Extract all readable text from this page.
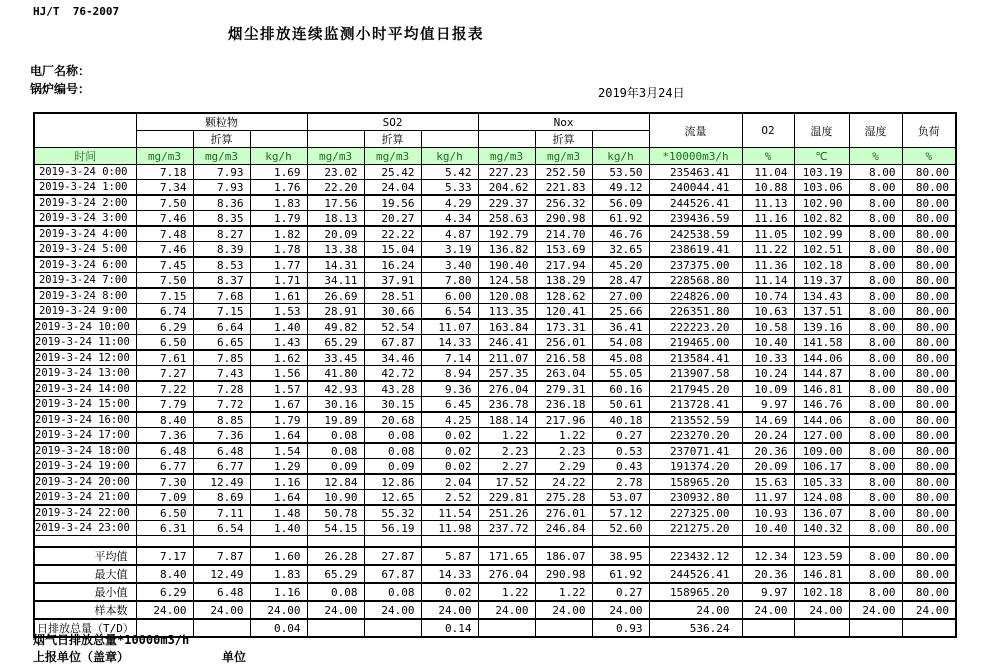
HJ/T  76-2007
烟尘排放连续监测小时平均值日报表
电厂名称：
锅炉编号：	2019年3月24日
	颗粒物			SO2			Nox			流量	O2	温度	湿度	负荷
		折算			折算			折算						
时间	mg/m3	mg/m3	kg/h	mg/m3	mg/m3	kg/h	mg/m3	mg/m3	kg/h	*10000m3/h	%	℃	%	%
2019-3-24 0:00	7.18	7.93	1.69	23.02	25.42	5.42	227.23	252.50	53.50	235463.41	11.04	103.19	8.00	80.00
2019-3-24 1:00	7.34	7.93	1.76	22.20	24.04	5.33	204.62	221.83	49.12	240044.41	10.88	103.06	8.00	80.00
2019-3-24 2:00	7.50	8.36	1.83	17.56	19.56	4.29	229.37	256.32	56.09	244526.41	11.13	102.90	8.00	80.00
2019-3-24 3:00	7.46	8.35	1.79	18.13	20.27	4.34	258.63	290.98	61.92	239436.59	11.16	102.82	8.00	80.00
2019-3-24 4:00	7.48	8.27	1.82	20.09	22.22	4.87	192.79	214.70	46.76	242538.59	11.05	102.99	8.00	80.00
2019-3-24 5:00	7.46	8.39	1.78	13.38	15.04	3.19	136.82	153.69	32.65	238619.41	11.22	102.51	8.00	80.00
2019-3-24 6:00	7.45	8.53	1.77	14.31	16.24	3.40	190.40	217.94	45.20	237375.00	11.36	102.18	8.00	80.00
2019-3-24 7:00	7.50	8.37	1.71	34.11	37.91	7.80	124.58	138.29	28.47	228568.80	11.14	119.37	8.00	80.00
2019-3-24 8:00	7.15	7.68	1.61	26.69	28.51	6.00	120.08	128.62	27.00	224826.00	10.74	134.43	8.00	80.00
2019-3-24 9:00	6.74	7.15	1.53	28.91	30.66	6.54	113.35	120.41	25.66	226351.80	10.63	137.51	8.00	80.00
2019-3-24 10:00	6.29	6.64	1.40	49.82	52.54	11.07	163.84	173.31	36.41	222223.20	10.58	139.16	8.00	80.00
2019-3-24 11:00	6.50	6.65	1.43	65.29	67.87	14.33	246.41	256.01	54.08	219465.00	10.40	141.58	8.00	80.00
2019-3-24 12:00	7.61	7.85	1.62	33.45	34.46	7.14	211.07	216.58	45.08	213584.41	10.33	144.06	8.00	80.00
2019-3-24 13:00	7.27	7.43	1.56	41.80	42.72	8.94	257.35	263.04	55.05	213907.58	10.24	144.87	8.00	80.00
2019-3-24 14:00	7.22	7.28	1.57	42.93	43.28	9.36	276.04	279.31	60.16	217945.20	10.09	146.81	8.00	80.00
2019-3-24 15:00	7.79	7.72	1.67	30.16	30.15	6.45	236.78	236.18	50.61	213728.41	9.97	146.76	8.00	80.00
2019-3-24 16:00	8.40	8.85	1.79	19.89	20.68	4.25	188.14	217.96	40.18	213552.59	14.69	144.06	8.00	80.00
2019-3-24 17:00	7.36	7.36	1.64	0.08	0.08	0.02	1.22	1.22	0.27	223270.20	20.24	127.00	8.00	80.00
2019-3-24 18:00	6.48	6.48	1.54	0.08	0.08	0.02	2.23	2.23	0.53	237071.41	20.36	109.00	8.00	80.00
2019-3-24 19:00	6.77	6.77	1.29	0.09	0.09	0.02	2.27	2.29	0.43	191374.20	20.09	106.17	8.00	80.00
2019-3-24 20:00	7.30	12.49	1.16	12.84	12.86	2.04	17.52	24.22	2.78	158965.20	15.63	105.33	8.00	80.00
2019-3-24 21:00	7.09	8.69	1.64	10.90	12.65	2.52	229.81	275.28	53.07	230932.80	11.97	124.08	8.00	80.00
2019-3-24 22:00	6.50	7.11	1.48	50.78	55.32	11.54	251.26	276.01	57.12	227325.00	10.93	136.07	8.00	80.00
2019-3-24 23:00	6.31	6.54	1.40	54.15	56.19	11.98	237.72	246.84	52.60	221275.20	10.40	140.32	8.00	80.00

平均值	7.17	7.87	1.60	26.28	27.87	5.87	171.65	186.07	38.95	223432.12	12.34	123.59	8.00	80.00
最大值	8.40	12.49	1.83	65.29	67.87	14.33	276.04	290.98	61.92	244526.41	20.36	146.81	8.00	80.00
最小值	6.29	6.48	1.16	0.08	0.08	0.02	1.22	1.22	0.27	158965.20	9.97	102.18	8.00	80.00
样本数	24.00	24.00	24.00	24.00	24.00	24.00	24.00	24.00	24.00	24.00	24.00	24.00	24.00	24.00
日排放总量（T/D）			0.04			0.14			0.93	536.24				
烟气日排放总量*10000m3/h
上报单位（盖章）	单位
